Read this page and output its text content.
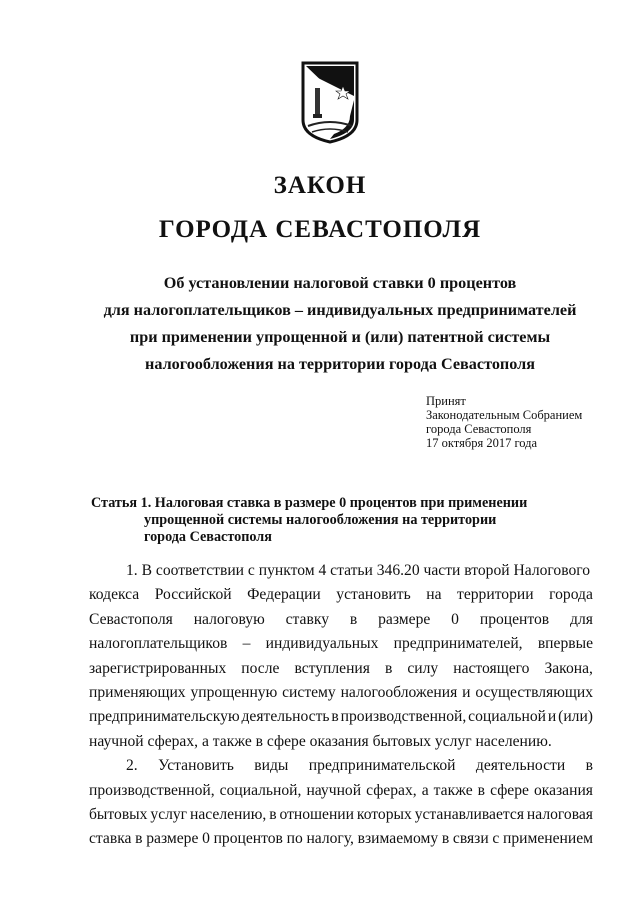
ЗАКОН
ГОРОДА СЕВАСТОПОЛЯ
Об установлении налоговой ставки 0 процентов
для налогоплательщиков – индивидуальных предпринимателей
при применении упрощенной и (или) патентной системы
налогообложения на территории города Севастополя
Принят
Законодательным Собранием
города Севастополя
17 октября 2017 года
Статья 1. Налоговая ставка в размере 0 процентов при применении
упрощенной системы налогообложения на территории
города Севастополя
1. В соответствии с пунктом 4 статьи 346.20 части второй Налогового
кодекса Российской Федерации установить на территории города
Севастополя налоговую ставку в размере 0 процентов для
налогоплательщиков – индивидуальных предпринимателей, впервые
зарегистрированных после вступления в силу настоящего Закона,
применяющих упрощенную систему налогообложения и осуществляющих
предпринимательскую деятельность в производственной, социальной и (или)
научной сферах, а также в сфере оказания бытовых услуг населению.
2. Установить виды предпринимательской деятельности в
производственной, социальной, научной сферах, а также в сфере оказания
бытовых услуг населению, в отношении которых устанавливается налоговая
ставка в размере 0 процентов по налогу, взимаемому в связи с применением
